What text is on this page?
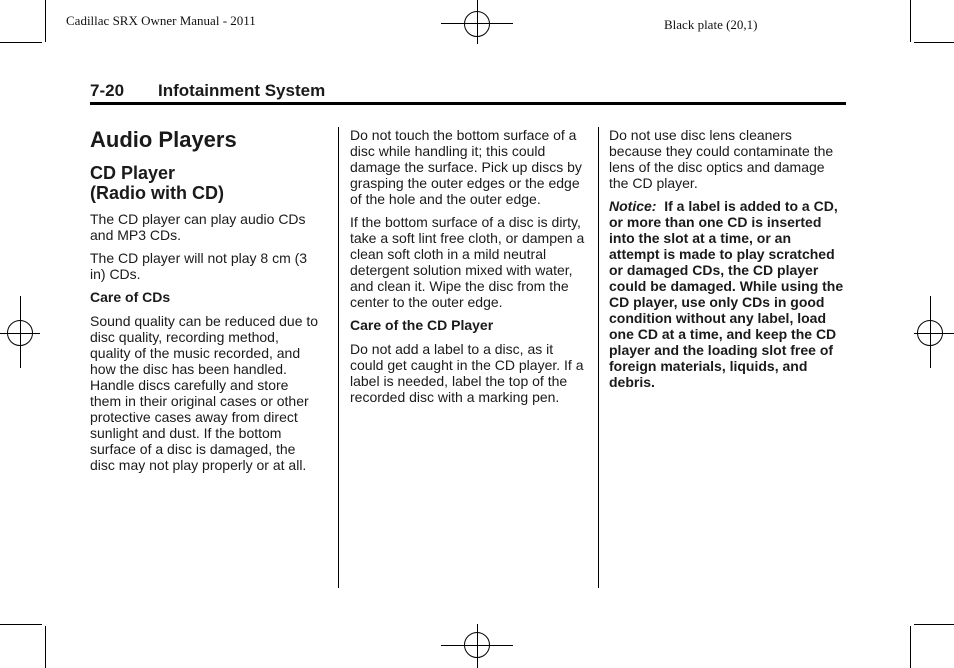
Cadillac SRX Owner Manual - 2011	Black plate (20,1)
7-20 Infotainment System
Audio Players
CD Player
(Radio with CD)

The CD player can play audio CDs and MP3 CDs.

The CD player will not play 8 cm (3 in) CDs.

Care of CDs

Sound quality can be reduced due to disc quality, recording method, quality of the music recorded, and how the disc has been handled. Handle discs carefully and store them in their original cases or other protective cases away from direct sunlight and dust. If the bottom surface of a disc is damaged, the disc may not play properly or at all.

Do not touch the bottom surface of a disc while handling it; this could damage the surface. Pick up discs by grasping the outer edges or the edge of the hole and the outer edge.

If the bottom surface of a disc is dirty, take a soft lint free cloth, or dampen a clean soft cloth in a mild neutral detergent solution mixed with water, and clean it. Wipe the disc from the center to the outer edge.

Care of the CD Player

Do not add a label to a disc, as it could get caught in the CD player. If a label is needed, label the top of the recorded disc with a marking pen.

Do not use disc lens cleaners because they could contaminate the lens of the disc optics and damage the CD player.

Notice: If a label is added to a CD, or more than one CD is inserted into the slot at a time, or an attempt is made to play scratched or damaged CDs, the CD player could be damaged. While using the CD player, use only CDs in good condition without any label, load one CD at a time, and keep the CD player and the loading slot free of foreign materials, liquids, and debris.
